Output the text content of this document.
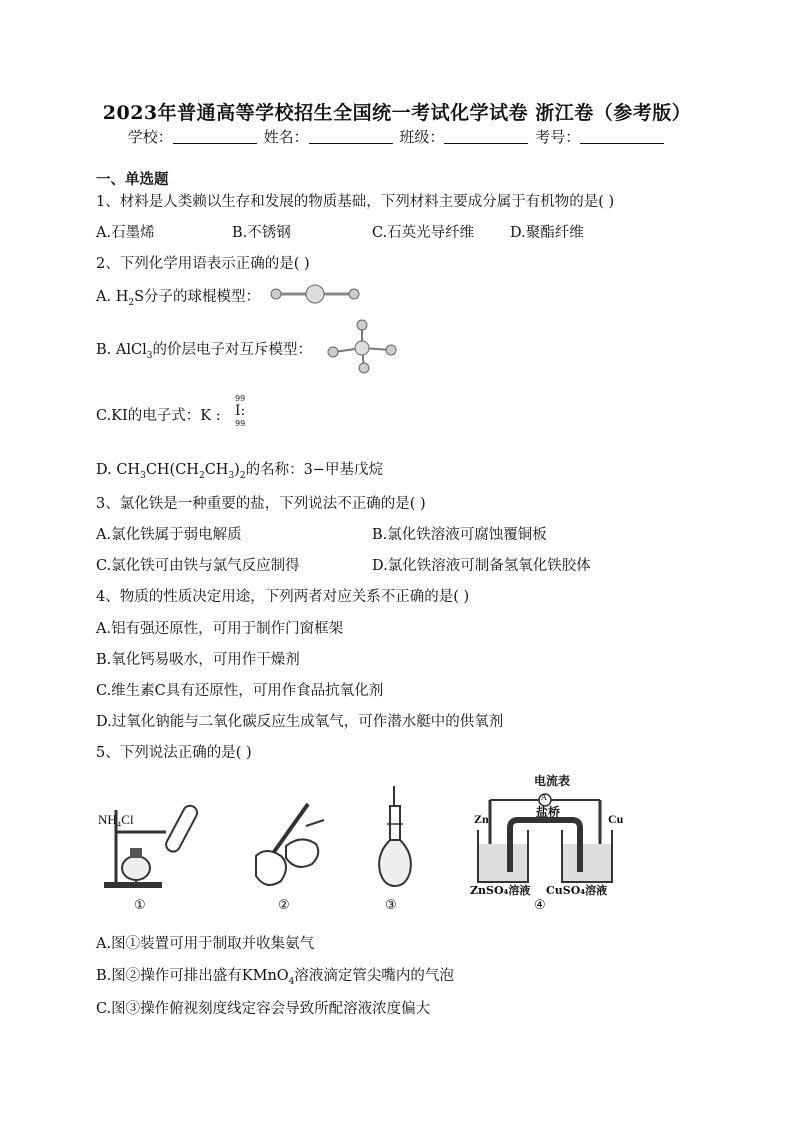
2023年普通高等学校招生全国统一考试化学试卷 浙江卷（参考版）
学校：	姓名：	班级：	考号：
一、单选题
1、材料是人类赖以生存和发展的物质基础，下列材料主要成分属于有机物的是( )
A.石墨烯	B.不锈钢	C.石英光导纤维 D.聚酯纤维
2、下列化学用语表示正确的是( )
A. $H_2S$分子的球棍模型：
B. AlCl$_3$的价层电子对互斥模型：
C.KI的电子式：K :
99
I:
99
D. $CH_3CH(CH_2CH_3)_2$的名称：3−甲基戊烷
3、氯化铁是一种重要的盐，下列说法不正确的是( )
A.氯化铁属于弱电解质	B.氯化铁溶液可腐蚀覆铜板
C.氯化铁可由铁与氯气反应制得	D.氯化铁溶液可制备氢氧化铁胶体
4、物质的性质决定用途，下列两者对应关系不正确的是( )
A.铝有强还原性，可用于制作门窗框架
B.氧化钙易吸水，可用作干燥剂
C.维生素C具有还原性，可用作食品抗氧化剂
D.过氧化钠能与二氧化碳反应生成氧气，可作潜水艇中的供氧剂
5、下列说法正确的是( )
NH₄Cl
①	②	③
电流表
A
盐桥
Zn	Cu
ZnSO₄溶液 CuSO₄溶液
④
A.图①装置可用于制取并收集氨气
B.图②操作可排出盛有KMnO$_4$溶液滴定管尖嘴内的气泡
C.图③操作俯视刻度线定容会导致所配溶液浓度偏大
